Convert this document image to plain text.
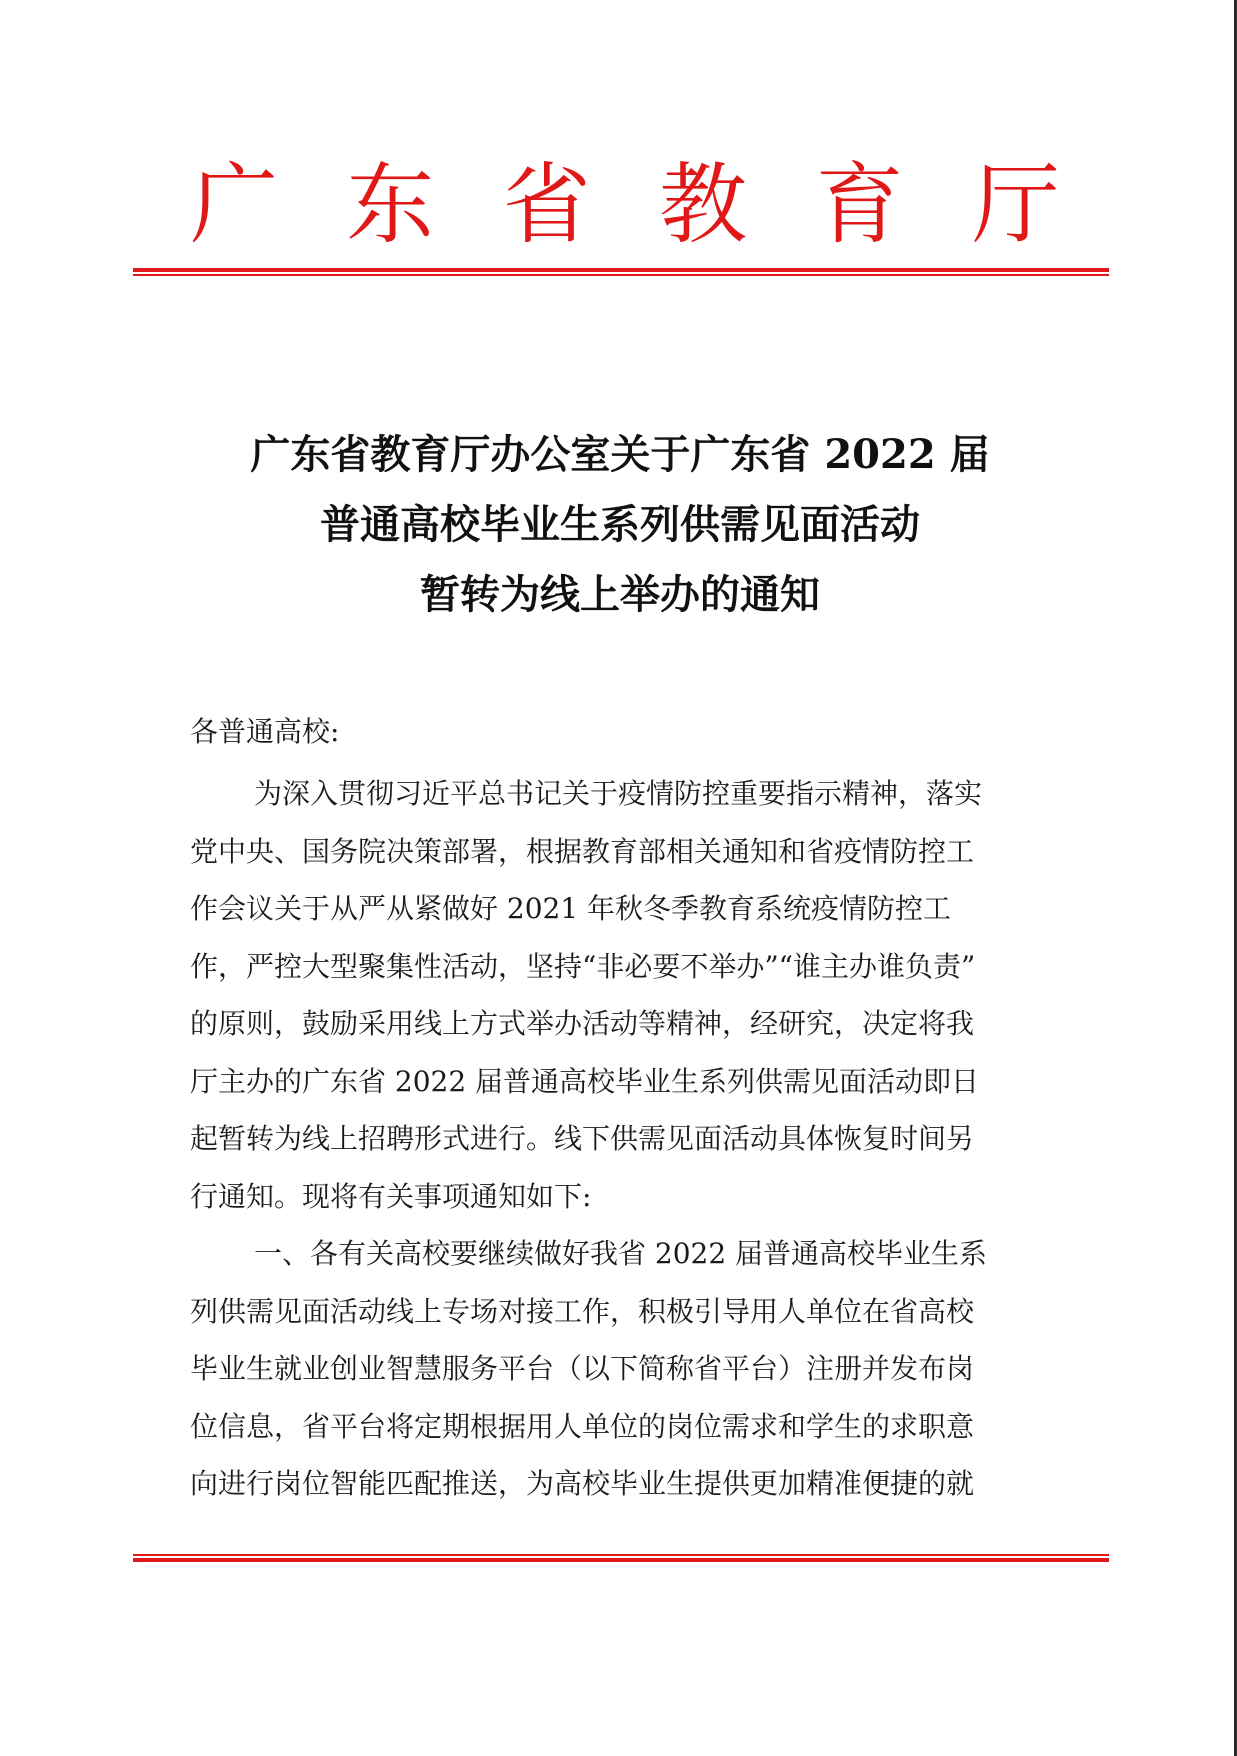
广 东 省 教 育 厅
广东省教育厅办公室关于广东省 2022 届
普通高校毕业生系列供需见面活动
暂转为线上举办的通知
各普通高校:
为深入贯彻习近平总书记关于疫情防控重要指示精神，落实
党中央、国务院决策部署，根据教育部相关通知和省疫情防控工
作会议关于从严从紧做好 2021 年秋冬季教育系统疫情防控工
作，严控大型聚集性活动，坚持“非必要不举办”“谁主办谁负责”
的原则，鼓励采用线上方式举办活动等精神，经研究，决定将我
厅主办的广东省 2022 届普通高校毕业生系列供需见面活动即日
起暂转为线上招聘形式进行。线下供需见面活动具体恢复时间另
行通知。现将有关事项通知如下:
一、各有关高校要继续做好我省 2022 届普通高校毕业生系
列供需见面活动线上专场对接工作，积极引导用人单位在省高校
毕业生就业创业智慧服务平台（以下简称省平台）注册并发布岗
位信息，省平台将定期根据用人单位的岗位需求和学生的求职意
向进行岗位智能匹配推送，为高校毕业生提供更加精准便捷的就
